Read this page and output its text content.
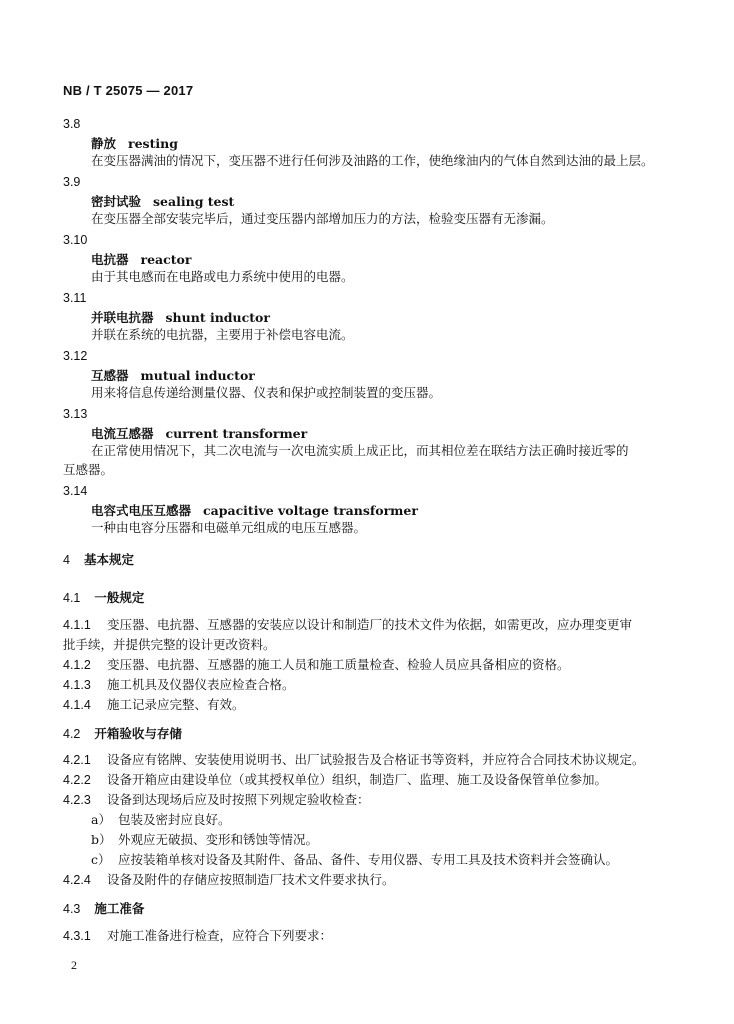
NB / T 25075 — 2017
3.8
静放 resting
在变压器满油的情况下，变压器不进行任何涉及油路的工作，使绝缘油内的气体自然到达油的最上层。
3.9
密封试验 sealing test
在变压器全部安装完毕后，通过变压器内部增加压力的方法，检验变压器有无渗漏。
3.10
电抗器 reactor
由于其电感而在电路或电力系统中使用的电器。
3.11
并联电抗器 shunt inductor
并联在系统的电抗器，主要用于补偿电容电流。
3.12
互感器 mutual inductor
用来将信息传递给测量仪器、仪表和保护或控制装置的变压器。
3.13
电流互感器 current transformer
在正常使用情况下，其二次电流与一次电流实质上成正比，而其相位差在联结方法正确时接近零的
互感器。
3.14
电容式电压互感器 capacitive voltage transformer
一种由电容分压器和电磁单元组成的电压互感器。
4 基本规定
4.1 一般规定
4.1.1 变压器、电抗器、互感器的安装应以设计和制造厂的技术文件为依据，如需更改，应办理变更审
批手续，并提供完整的设计更改资料。
4.1.2 变压器、电抗器、互感器的施工人员和施工质量检查、检验人员应具备相应的资格。
4.1.3 施工机具及仪器仪表应检查合格。
4.1.4 施工记录应完整、有效。
4.2 开箱验收与存储
4.2.1 设备应有铭牌、安装使用说明书、出厂试验报告及合格证书等资料，并应符合合同技术协议规定。
4.2.2 设备开箱应由建设单位（或其授权单位）组织，制造厂、监理、施工及设备保管单位参加。
4.2.3 设备到达现场后应及时按照下列规定验收检查：
a） 包装及密封应良好。
b） 外观应无破损、变形和锈蚀等情况。
c） 应按装箱单核对设备及其附件、备品、备件、专用仪器、专用工具及技术资料并会签确认。
4.2.4 设备及附件的存储应按照制造厂技术文件要求执行。
4.3 施工准备
4.3.1 对施工准备进行检查，应符合下列要求：
2
